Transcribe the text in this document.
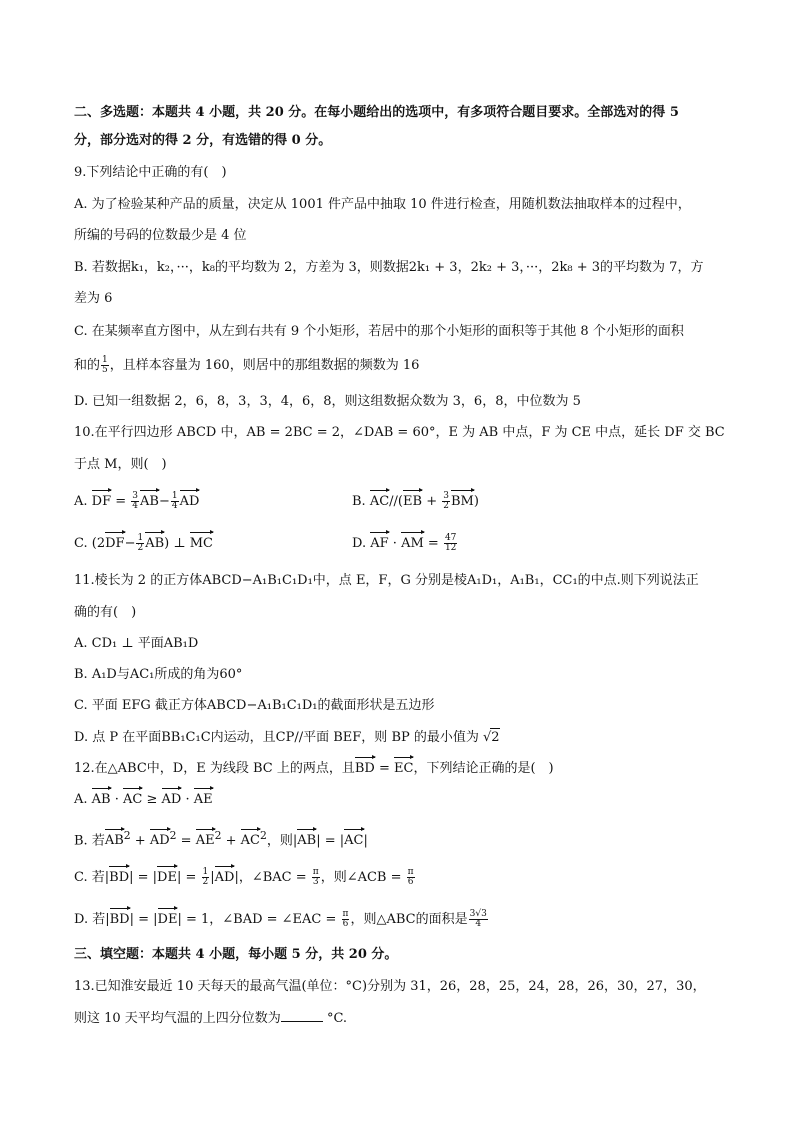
二、多选题：本题共 4 小题，共 20 分。在每小题给出的选项中，有多项符合题目要求。全部选对的得 5
分，部分选对的得 2 分，有选错的得 0 分。
9.下列结论中正确的有(　)
A. 为了检验某种产品的质量，决定从 1001 件产品中抽取 10 件进行检查，用随机数法抽取样本的过程中，
所编的号码的位数最少是 4 位
B. 若数据k₁，k₂，···，k₈的平均数为 2，方差为 3，则数据2k₁ + 3，2k₂ + 3，···，2k₈ + 3的平均数为 7，方
差为 6
C. 在某频率直方图中，从左到右共有 9 个小矩形，若居中的那个小矩形的面积等于其他 8 个小矩形的面积
和的 $\frac{1}{5}$ ，且样本容量为 160，则居中的那组数据的频数为 16
D. 已知一组数据 2，6，8，3，3，4，6，8，则这组数据众数为 3，6，8，中位数为 5
10.在平行四边形 ABCD 中，AB = 2BC = 2，∠DAB = 60°，E 为 AB 中点，F 为 CE 中点，延长 DF 交 BC
于点 M，则(　)
A. DF = $\frac{3}{4} AB- \frac{1}{4}$ AD	B. $AC//(EB + \frac{3}{2} BM)$
C. $(2DF- \frac{1}{2} AB)$ ⊥ MC	D. AF · AM = $\frac{47}{12}$
11.棱长为 2 的正方体ABCD−A₁B₁C₁D₁中，点 E，F，G 分别是棱A₁D₁，A₁B₁，CC₁的中点.则下列说法正
确的有(　)
A. CD₁ ⊥ 平面AB₁D
B. A₁D与AC₁所成的角为60°
C. 平面 EFG 截正方体ABCD−A₁B₁C₁D₁的截面形状是五边形
D. 点 P 在平面BB₁C₁C内运动，且CP//平面 BEF，则 BP 的最小值为 √2
12.在△ABC中，D，E 为线段 BC 上的两点，且BD = EC，下列结论正确的是(　)
A. AB · AC ≥ AD · AE
B. 若$AB^2 + AD^2 = AE^2 + AC^2$，则|AB| = |AC|
C. 若$|BD| = |DE| = \frac{1}{2} |AD|$，∠BAC = $\frac{\pi}{3}$ ，则∠ACB = $\frac{\pi}{6}$
D. 若|BD| = |DE| = 1，∠BAD = ∠EAC = $\frac{\pi}{6}$ ，则△ABC的面积是 $\frac{3√3}{4}$
三、填空题：本题共 4 小题，每小题 5 分，共 20 分。
13.已知淮安最近 10 天每天的最高气温(单位：°C)分别为 31，26，28，25，24，28，26，30，27，30，
则这 10 天平均气温的上四分位数为	°C.
